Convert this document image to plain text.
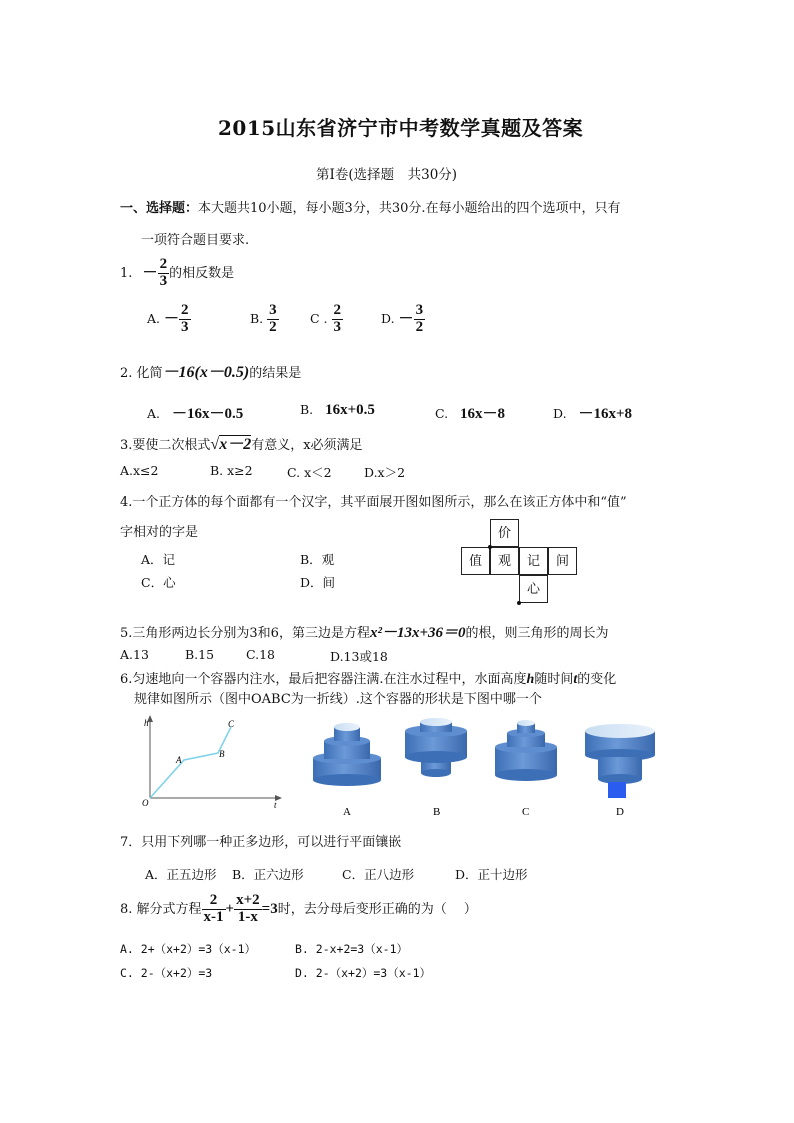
2015山东省济宁市中考数学真题及答案
第Ⅰ卷(选择题　共30分)
一、选择题：本大题共10小题，每小题3分，共30分.在每小题给出的四个选项中，只有
一项符合题目要求.
1. － $\frac{2}{3}$ 的相反数是
A. － $\frac{2}{3}$	B. $\frac{3}{2}$	C . $\frac{2}{3}$	D. － $\frac{3}{2}$
2. 化简－16(x－0.5)的结果是
A. －16x－0.5	B. 16x+0.5	C. 16x－8	D. －16x+8
3.要使二次根式√x－2有意义，x必须满足
A.x≤2	B. x≥2	C. x＜2	D.x＞2
4.一个正方体的每个面都有一个汉字，其平面展开图如图所示，那么在该正方体中和“值”
字相对的字是
A．记	B．观
C．心	D．间
价
值	观	记	间
心
5.三角形两边长分别为3和6，第三边是方程x²－13x+36＝0的根，则三角形的周长为
A.13	B.15	C.18	D.13或18
6.匀速地向一个容器内注水，最后把容器注满.在注水过程中，水面高度h随时间t的变化
规律如图所示（图中OABC为一折线）.这个容器的形状是下图中哪一个
h
t
O
A
B
C
A	B	C	D
7．只用下列哪一种正多边形，可以进行平面镶嵌
A．正五边形 B．正六边形	C．正八边形	D．正十边形
8. 解分式方程 $\frac{2}{x-1} + \frac{x+2}{1-x} =3$时，去分母后变形正确的为（　 ）
A. 2+（x+2）=3（x-1）	B. 2-x+2=3（x-1）
C. 2-（x+2）=3	D. 2-（x+2）=3（x-1）
